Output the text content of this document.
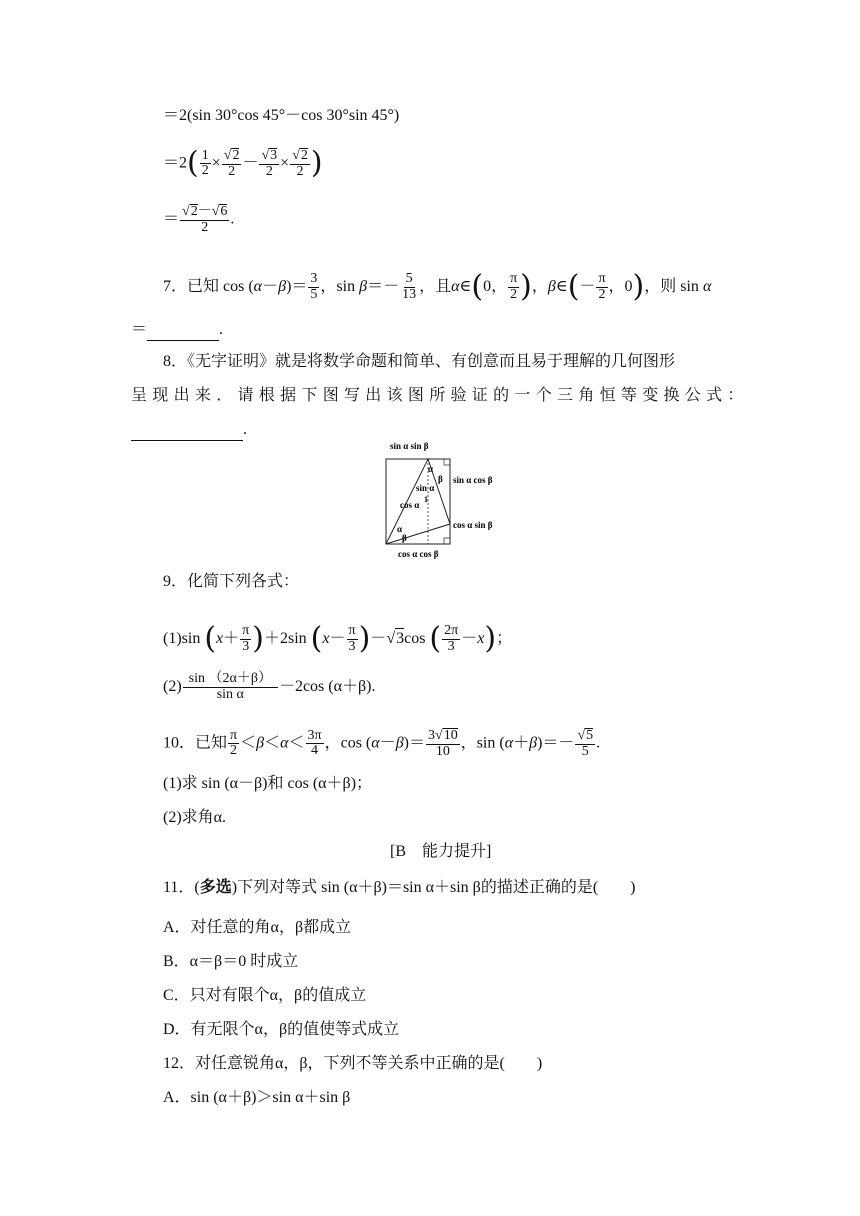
＝2(sin 30°cos 45°－cos 30°sin 45°)
$=2( \frac{1}{2}$ × √ $\frac{2}{2}$ － √ $\frac{3}{2}$ × √ $\frac{2}{2}$ )
＝ √ $\frac{2- √ 6}{2}$ .
7．已知 $\cos (\alpha-\beta)= \frac{3}{5}$ ，$\sin \beta=- \frac{5}{13}$ ，且α∈(0， $\frac{\pi}{2}$ )，β∈(－ $\frac{\pi}{2}$ ，0)，则 sin α
＝	.
8．《无字证明》就是将数学命题和简单、有创意而且易于理解的几何图形
呈现出来．请根据下图写出该图所验证的一个三角恒等变换公式：
.
sin α sin β
sin α cos β
cos α sin β
cos α cos β
sin α
cos α
α
β
α
β
1
9．化简下列各式：
(1)sin $(x+ \frac{\pi}{3} )+2\sin$ ($x- \frac{\pi}{3}$ )－ √ 3cos ( $\frac{2\pi}{3} -x$)；
$(2) \frac{\sin (2\alpha+\beta)}{\text{sin α}} -2\cos$ (α＋β).
10．已知 $\frac{\pi}{2} <\beta<\alpha< \frac{3\pi}{4}$ ，$\cos (\alpha-\beta)= \frac{3 √ 10}{10}$ ，sin (α＋β)＝－ √ $\frac{5}{5}$ .
(1)求 sin (α－β)和 cos (α＋β)；
(2)求角α.
[B　能力提升]
11．(多选)下列对等式 sin (α＋β)＝sin α＋sin β的描述正确的是(　　)
A．对任意的角α，β都成立
B．α＝β＝0 时成立
C．只对有限个α，β的值成立
D．有无限个α，β的值使等式成立
12．对任意锐角α，β，下列不等关系中正确的是(　　)
A．sin (α＋β)＞sin α＋sin β
